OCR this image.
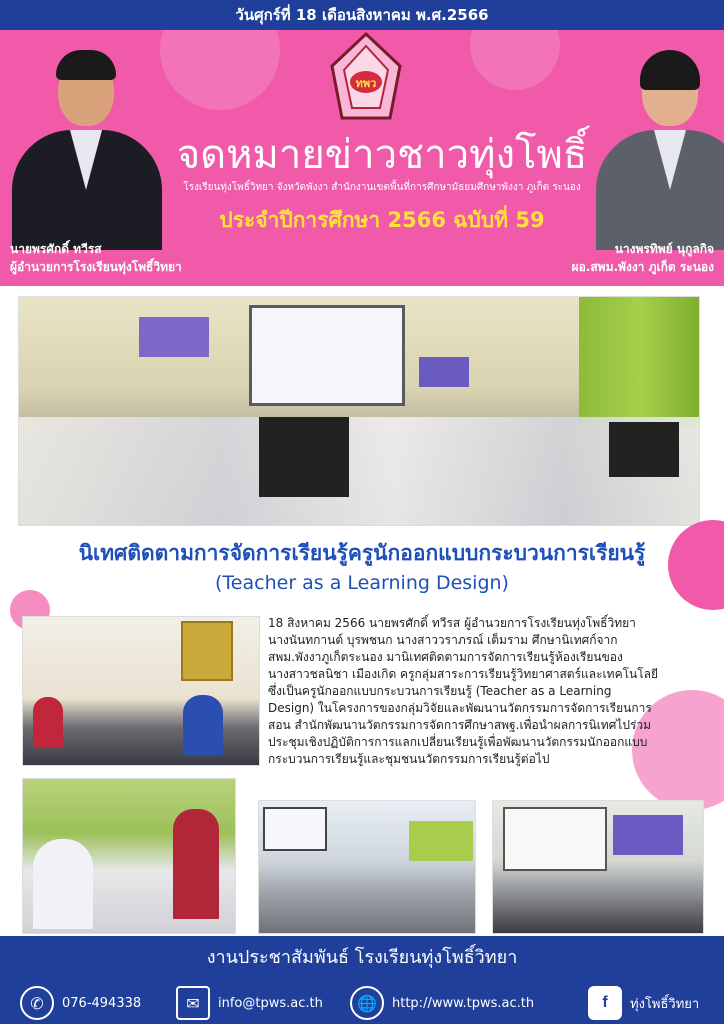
วันศุกร์ที่ 18 เดือนสิงหาคม พ.ศ.2566
ทพว
จดหมายข่าวชาวทุ่งโพธิ์
โรงเรียนทุ่งโพธิ์วิทยา จังหวัดพังงา สำนักงานเขตพื้นที่การศึกษามัธยมศึกษาพังงา ภูเก็ต ระนอง
ประจำปีการศึกษา 2566 ฉบับที่ 59
นายพรศักดิ์ ทวีรส
ผู้อำนวยการโรงเรียนทุ่งโพธิ์วิทยา
นางพรทิพย์ นุกูลกิจ
ผอ.สพม.พังงา ภูเก็ต ระนอง
นิเทศติดตามการจัดการเรียนรู้ครูนักออกแบบกระบวนการเรียนรู้
(Teacher as a Learning Design)
18 สิงหาคม 2566 นายพรศักดิ์ ทวีรส ผู้อำนวยการโรงเรียนทุ่งโพธิ์วิทยา
นางนันทกานต์ บุรพชนก นางสาววราภรณ์ เต็มราม ศึกษานิเทศก์จาก
สพม.พังงาภูเก็ตระนอง มานิเทศติดตามการจัดการเรียนรู้ห้องเรียนของ
นางสาวชลนิชา เมืองเกิด ครูกลุ่มสาระการเรียนรู้วิทยาศาสตร์และเทคโนโลยี
ซึ่งเป็นครูนักออกแบบกระบวนการเรียนรู้ (Teacher as a Learning
Design) ในโครงการของกลุ่มวิจัยและพัฒนานวัตกรรมการจัดการเรียนการ
สอน สำนักพัฒนานวัตกรรมการจัดการศึกษาสพฐ.เพื่อนำผลการนิเทศไปร่วม
ประชุมเชิงปฏิบัติการการแลกเปลี่ยนเรียนรู้เพื่อพัฒนานวัตกรรมนักออกแบบ
กระบวนการเรียนรู้และชุมชนนวัตกรรมการเรียนรู้ต่อไป
งานประชาสัมพันธ์ โรงเรียนทุ่งโพธิ์วิทยา
✆	076-494338	✉	info@tpws.ac.th	🌐	http://www.tpws.ac.th	f	ทุ่งโพธิ์วิทยา
